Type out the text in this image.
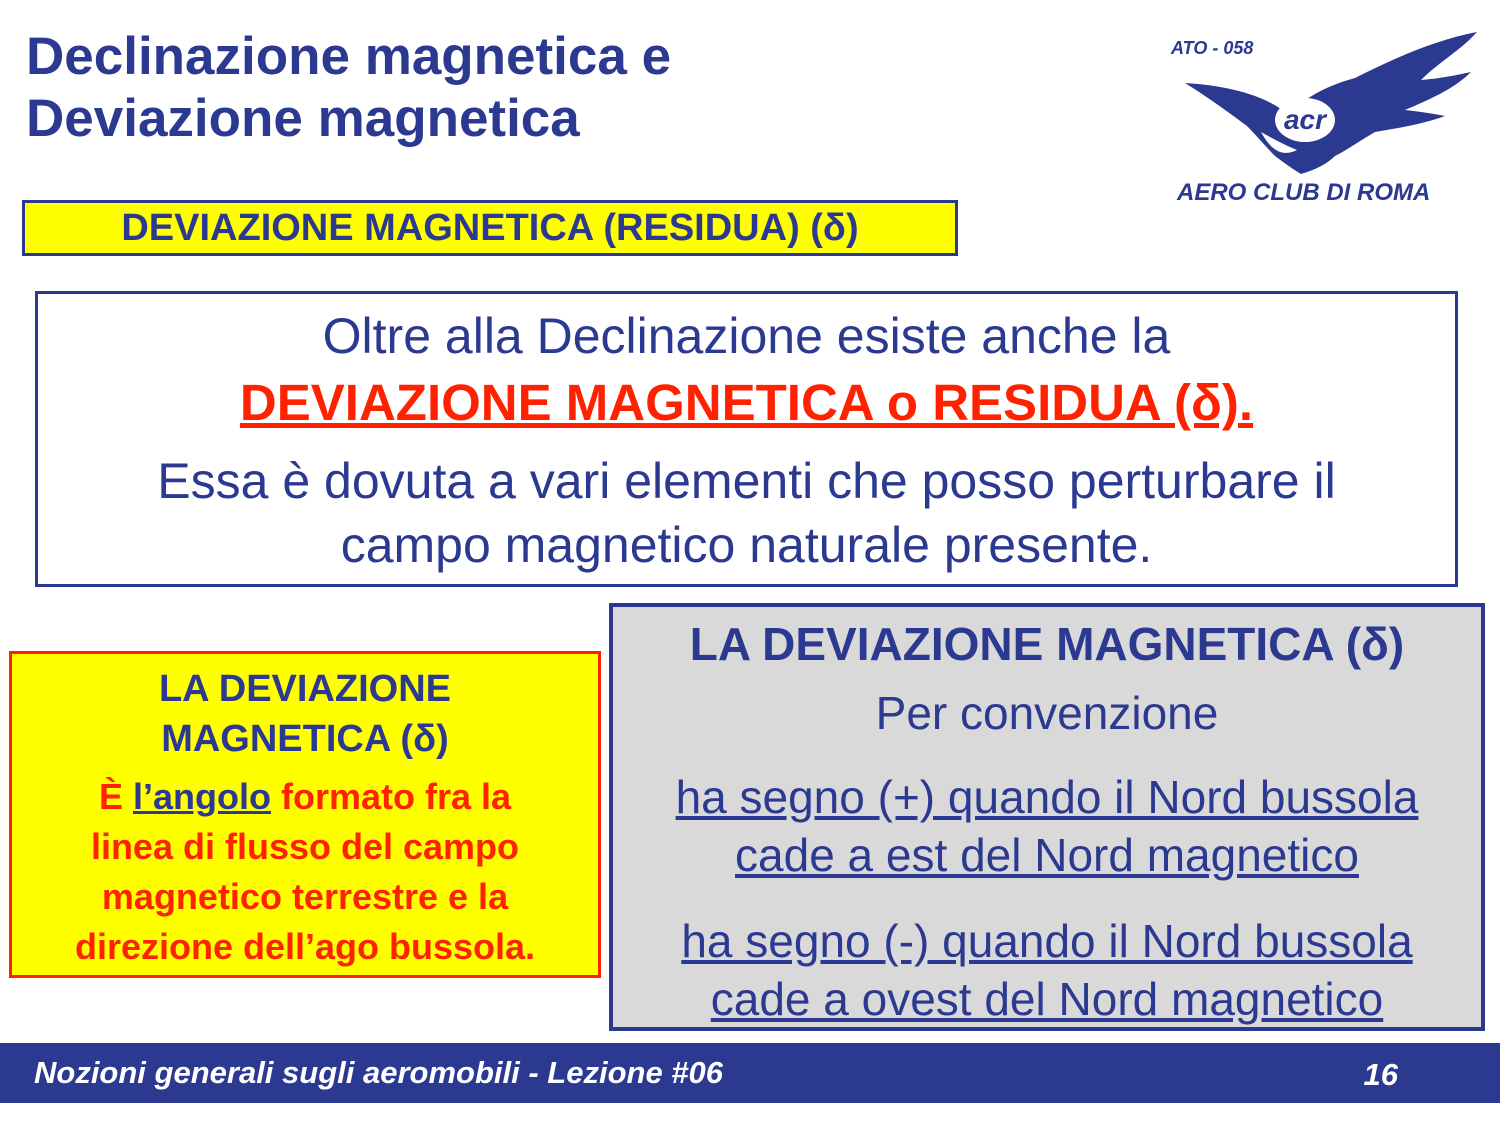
Declinazione magnetica e
Deviazione magnetica	acr
ATO - 058
AERO CLUB DI ROMA
DEVIAZIONE MAGNETICA (RESIDUA) (δ)
Oltre alla Declinazione esiste anche la
DEVIAZIONE MAGNETICA o RESIDUA (δ).
Essa è dovuta a vari elementi che posso perturbare il
campo magnetico naturale presente.
LA DEVIAZIONE
MAGNETICA (δ)

È l’angolo formato fra la
linea di flusso del campo
magnetico terrestre e la
direzione dell’ago bussola.

LA DEVIAZIONE MAGNETICA (δ)
Per convenzione
ha segno (+) quando il Nord bussola
cade a est del Nord magnetico
ha segno (-) quando il Nord bussola
cade a ovest del Nord magnetico
Nozioni generali sugli aeromobili - Lezione #06	16
